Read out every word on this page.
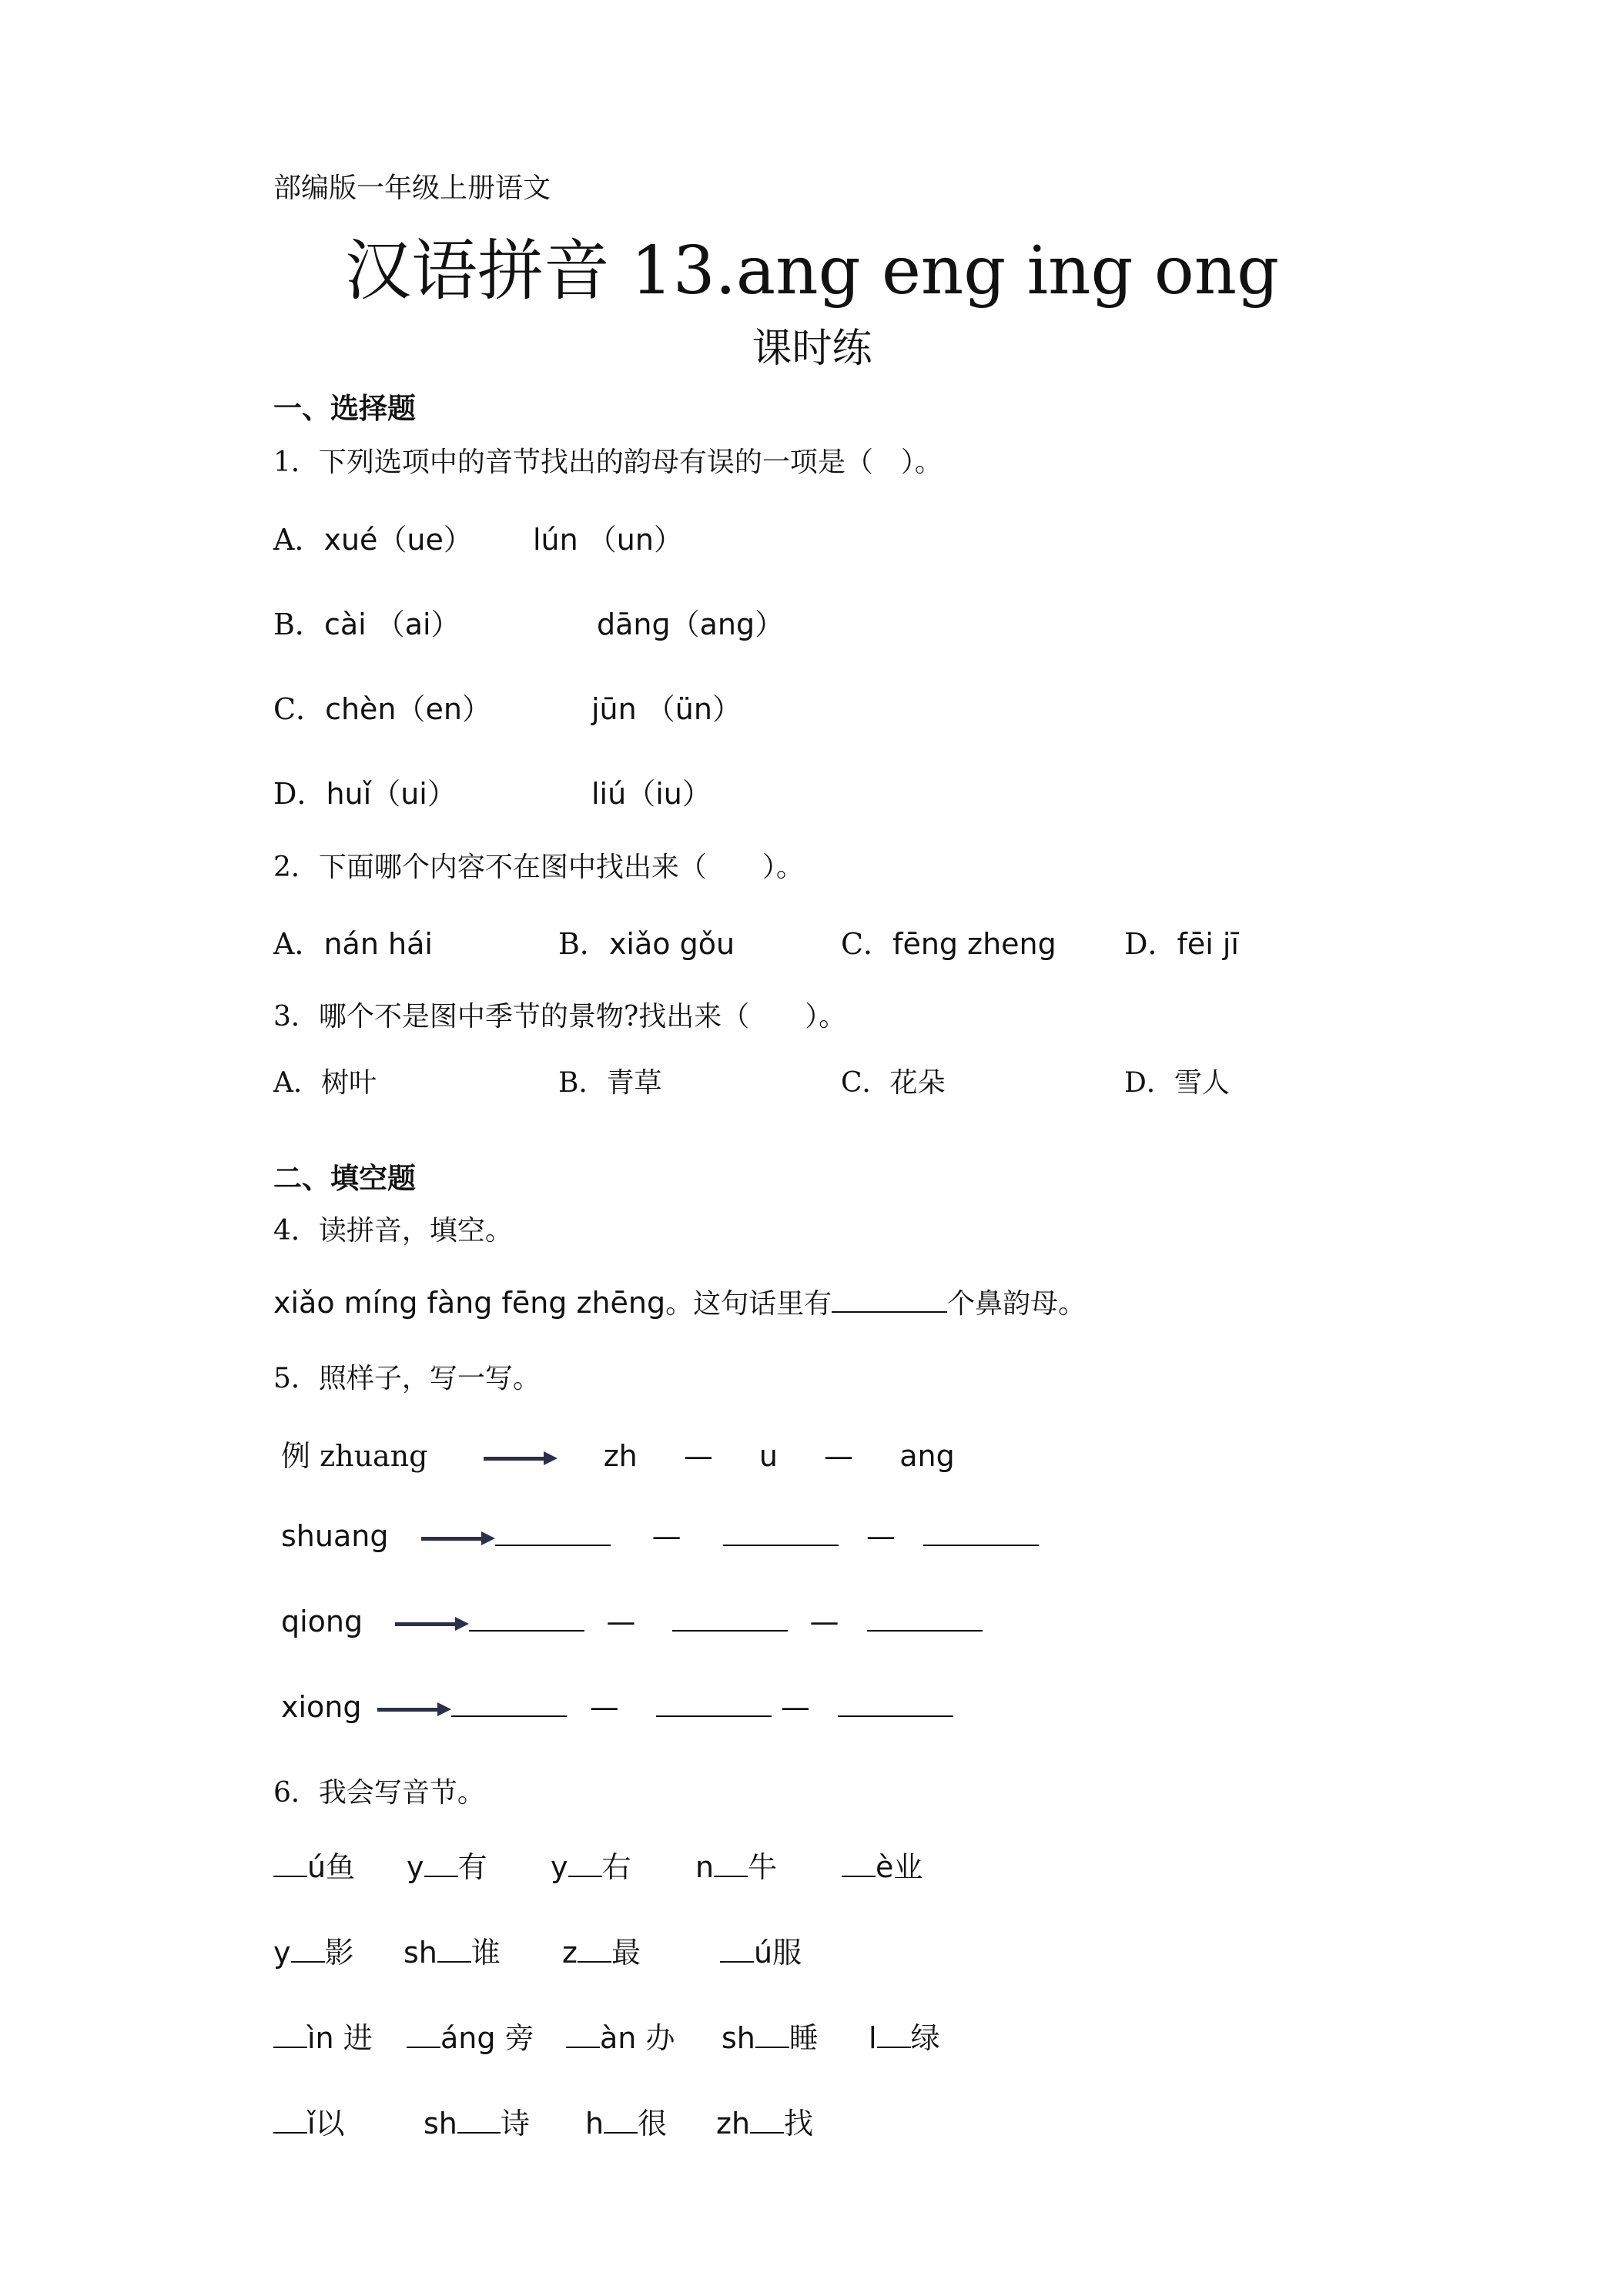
部编版一年级上册语文
汉语拼音 13.ang eng ing ong
课时练
一、选择题
1．下列选项中的音节找出的韵母有误的一项是（　）。
A．xué（ue） lún （un）
B．cài （ai）	dānɡ（ang）
C．chèn（en）	jūn （ün）
D．huǐ（ui）	liú（iu）
2．下面哪个内容不在图中找出来（　　）。
A．nán hái	B．xiǎo gǒu	C．fēng zheng D．fēi jī
3．哪个不是图中季节的景物?找出来（　　）。
A．树叶	B．青草	C．花朵	D．雪人
二、填空题
4．读拼音，填空。
xiǎo míng fàng fēng zhēng。这句话里有	个鼻韵母。
5．照样子，写一写。
例 zhuang	zh — u — ang
shuang	—	—
qiong	—	—
xiong	—	—
6．我会写音节。
ú鱼 y 有 y 右 n 牛	è业
y 影 sh 谁 z 最	ú服
ìn 进	áng 旁	àn 办 sh 睡 l 绿
ǐ以	sh 诗 h 很 zh 找
